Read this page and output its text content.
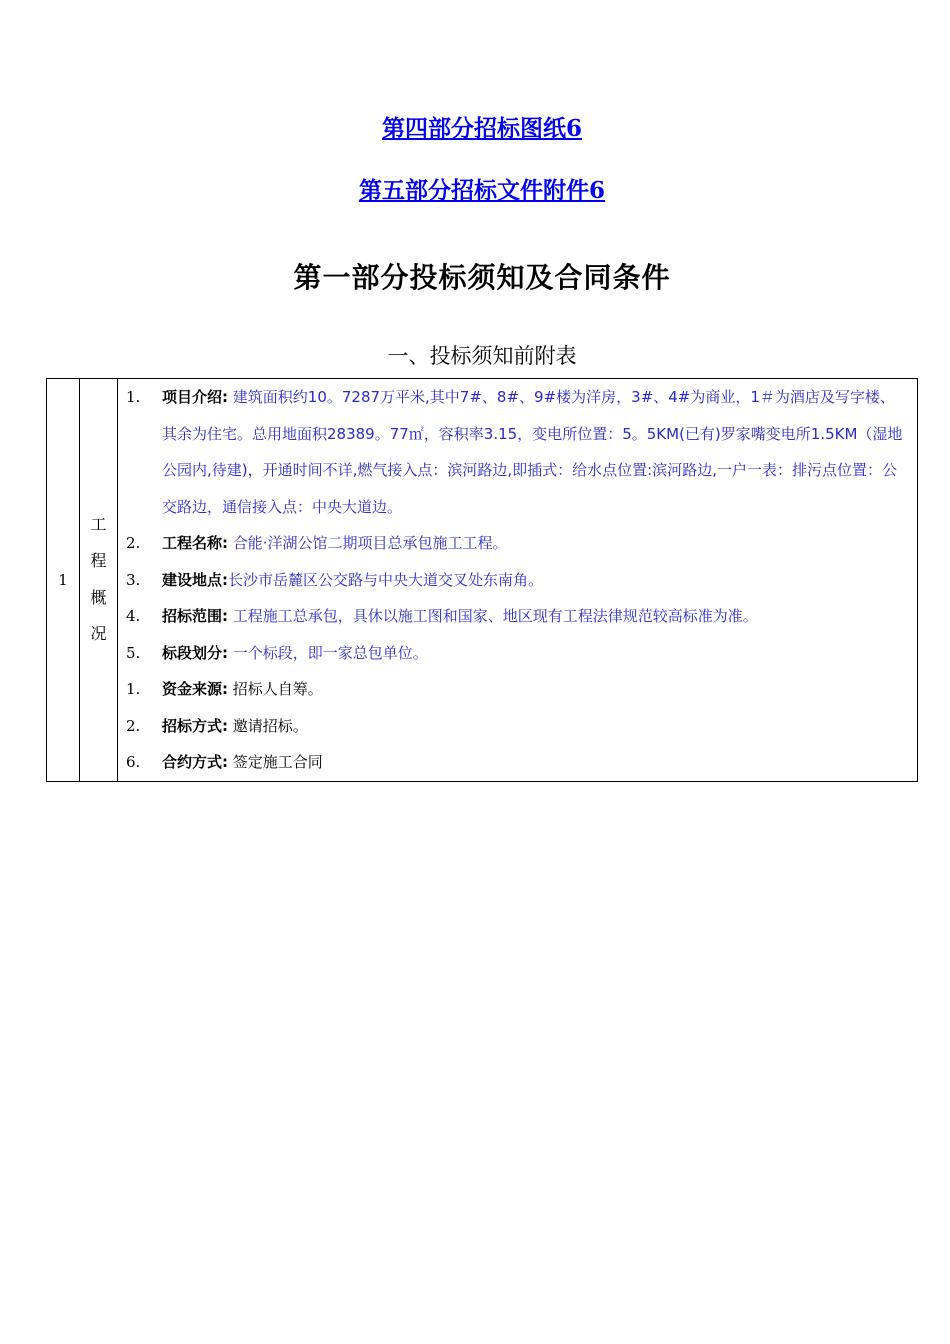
第四部分招标图纸6
第五部分招标文件附件6
第一部分投标须知及合同条件
一、投标须知前附表
1	
工
程
概
况

1. 项目介绍: 建筑面积约10。7287万平米,其中7#、8#、9#楼为洋房，3#、4#为商业，1＃为酒店及写字楼、其余为住宅。总用地面积28389。77㎡，容积率3.15，变电所位置：5。5KM(已有)罗家嘴变电所1.5KM（湿地公园内,待建)，开通时间不详,燃气接入点：滨河路边,即插式：给水点位置:滨河路边,一户一表：排污点位置：公交路边，通信接入点：中央大道边。
2. 工程名称: 合能·洋湖公馆二期项目总承包施工工程。
3. 建设地点:长沙市岳麓区公交路与中央大道交叉处东南角。
4. 招标范围: 工程施工总承包，具休以施工图和国家、地区现有工程法律规范较高标准为准。
5. 标段划分: 一个标段，即一家总包单位。
1. 资金来源: 招标人自筹。
2. 招标方式: 邀请招标。
6. 合约方式: 签定施工合同
